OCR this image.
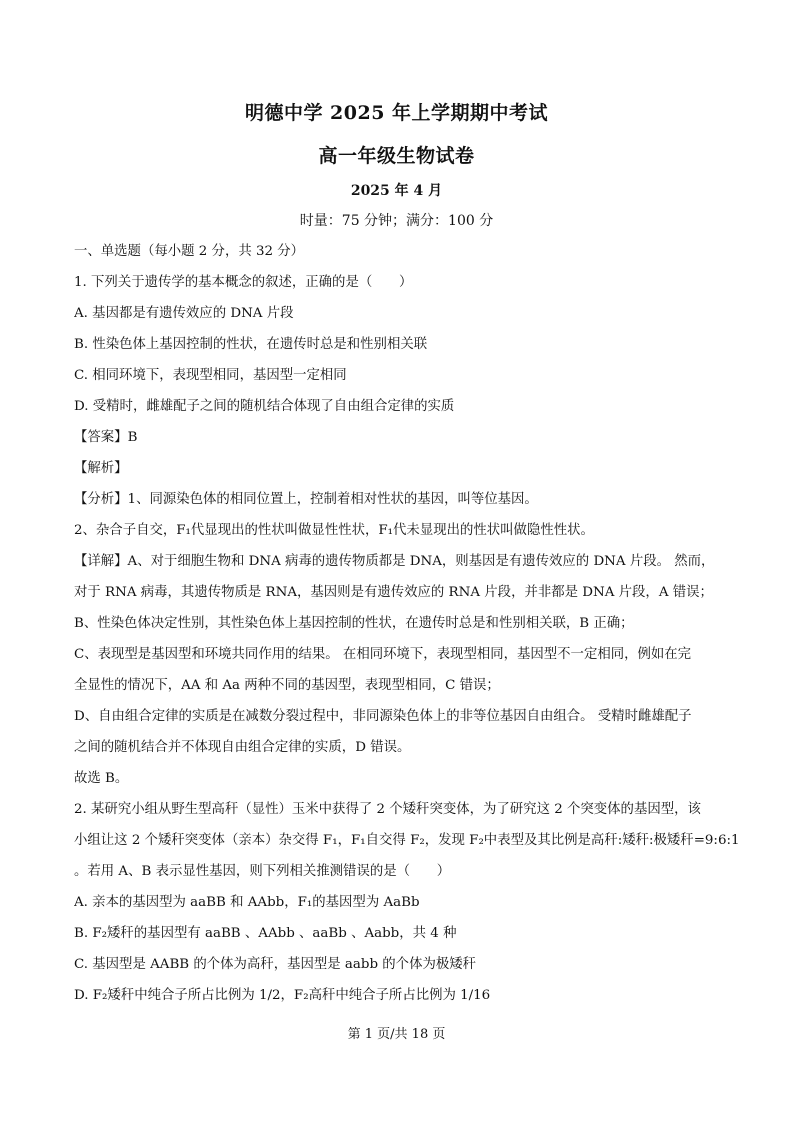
明德中学 2025 年上学期期中考试
高一年级生物试卷
2025 年 4 月
时量：75 分钟；满分：100 分
一、单选题（每小题 2 分，共 32 分）
1. 下列关于遗传学的基本概念的叙述，正确的是（　　）
A. 基因都是有遗传效应的 DNA 片段
B. 性染色体上基因控制的性状，在遗传时总是和性别相关联
C. 相同环境下，表现型相同，基因型一定相同
D. 受精时，雌雄配子之间的随机结合体现了自由组合定律的实质
【答案】B
【解析】
【分析】1、同源染色体的相同位置上，控制着相对性状的基因，叫等位基因。
2、杂合子自交，F₁代显现出的性状叫做显性性状，F₁代未显现出的性状叫做隐性性状。
【详解】A、对于细胞生物和 DNA 病毒的遗传物质都是 DNA，则基因是有遗传效应的 DNA 片段。 然而，
对于 RNA 病毒，其遗传物质是 RNA，基因则是有遗传效应的 RNA 片段，并非都是 DNA 片段，A 错误；
B、性染色体决定性别，其性染色体上基因控制的性状，在遗传时总是和性别相关联，B 正确；
C、表现型是基因型和环境共同作用的结果。 在相同环境下，表现型相同，基因型不一定相同，例如在完
全显性的情况下，AA 和 Aa 两种不同的基因型，表现型相同，C 错误；
D、自由组合定律的实质是在减数分裂过程中，非同源染色体上的非等位基因自由组合。 受精时雌雄配子
之间的随机结合并不体现自由组合定律的实质，D 错误。
故选 B。
2. 某研究小组从野生型高秆（显性）玉米中获得了 2 个矮秆突变体，为了研究这 2 个突变体的基因型，该
小组让这 2 个矮秆突变体（亲本）杂交得 F₁，F₁自交得 F₂，发现 F₂中表型及其比例是高秆:矮秆:极矮秆=9:6:1
。若用 A、B 表示显性基因，则下列相关推测错误的是（　　）
A. 亲本的基因型为 aaBB 和 AAbb，F₁的基因型为 AaBb
B. F₂矮秆的基因型有 aaBB 、AAbb 、aaBb 、Aabb，共 4 种
C. 基因型是 AABB 的个体为高秆，基因型是 aabb 的个体为极矮秆
D. F₂矮秆中纯合子所占比例为 1/2，F₂高秆中纯合子所占比例为 1/16
第 1 页/共 18 页
